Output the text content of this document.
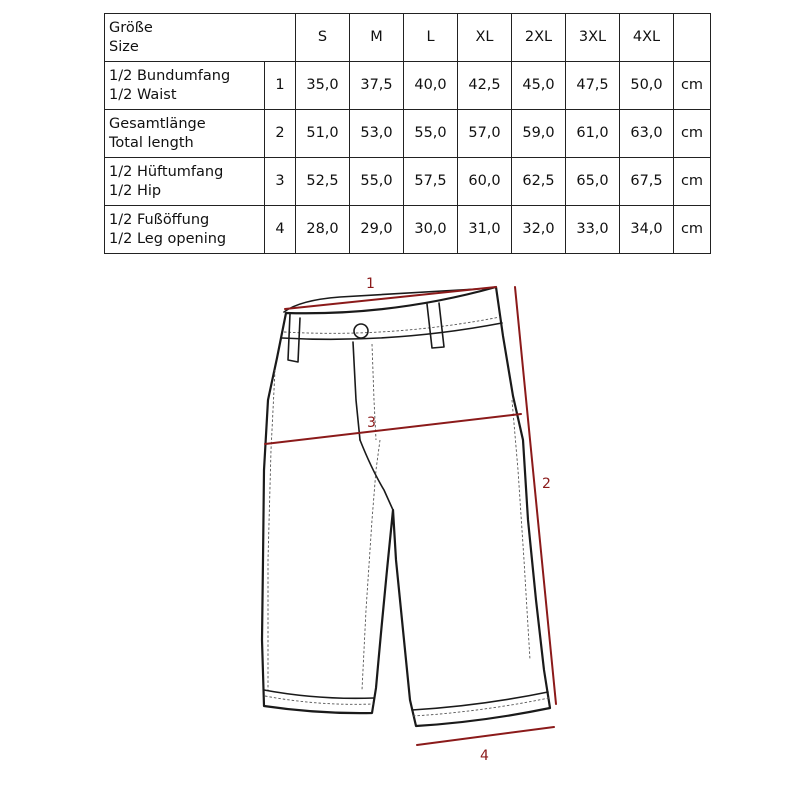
Größe
Size		S	M	L	XL	2XL	3XL	4XL	

1/2 Bundumfang
1/2 Waist	1	35,0	37,5	40,0	42,5	45,0	47,5	50,0	cm

Gesamtlänge
Total length	2	51,0	53,0	55,0	57,0	59,0	61,0	63,0	cm

1/2 Hüftumfang
1/2 Hip	3	52,5	55,0	57,5	60,0	62,5	65,0	67,5	cm

1/2 Fußöffung
1/2 Leg opening	4	28,0	29,0	30,0	31,0	32,0	33,0	34,0	cm
1
2
3
4
